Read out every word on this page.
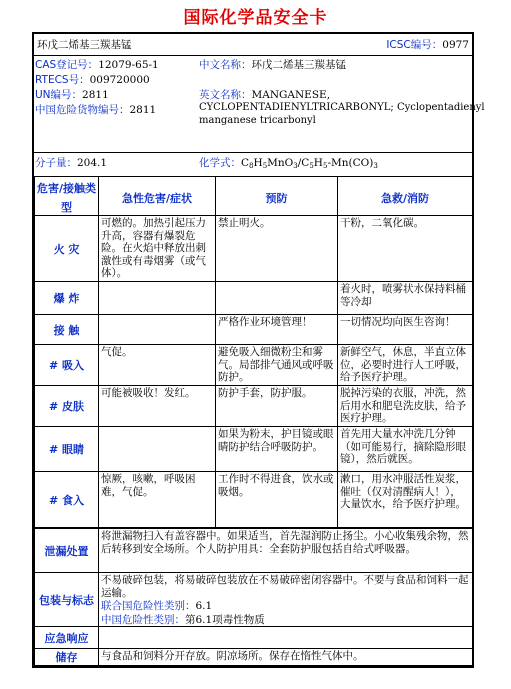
国际化学品安全卡
环戊二烯基三羰基锰	ICSC编号：0977
CAS登记号：12079-65-1
RTECS号：009720000
UN编号：2811
中国危险货物编号：2811
中文名称：环戊二烯基三羰基锰
英文名称：MANGANESE,
CYCLOPENTADIENYLTRICARBONYL; Cyclopentadienyl
manganese tricarbonyl
分子量：204.1	化学式：$C_8H_5MnO_3/C_5H_5-Mn(CO)_3$
危害/接触类型	急性危害/症状	预防	急救/消防
火 灾	可燃的。加热引起压力升高，容器有爆裂危险。在火焰中释放出刺激性或有毒烟雾（或气体）。	禁止明火。	干粉，二氧化碳。

爆 炸			着火时，喷雾状水保持料桶等冷却

接 触		严格作业环境管理！	一切情况均向医生咨询！

# 吸入	气促。	避免吸入细微粉尘和雾气。局部排气通风或呼吸防护。	新鲜空气，休息，半直立体位，必要时进行人工呼吸，给予医疗护理。

# 皮肤	可能被吸收！发红。	防护手套，防护服。	脱掉污染的衣服，冲洗，然后用水和肥皂洗皮肤，给予医疗护理。

# 眼睛		如果为粉末，护目镜或眼睛防护结合呼吸防护。	首先用大量水冲洗几分钟（如可能易行，摘除隐形眼镜），然后就医。

# 食入	惊厥，咳嗽，呼吸困难，气促。	工作时不得进食，饮水或吸烟。	漱口，用水冲服活性炭浆，催吐（仅对清醒病人！），大量饮水，给予医疗护理。
泄漏处置	将泄漏物扫入有盖容器中。如果适当，首先湿润防止扬尘。小心收集残余物，然后转移到安全场所。个人防护用具：全套防护服包括自给式呼吸器。

包装与标志	不易破碎包装，将易破碎包装放在不易破碎密闭容器中。不要与食品和饲料一起运输。
联合国危险性类别：6.1
中国危险性类别：第6.1项毒性物质

应急响应	

储存	与食品和饲料分开存放。阴凉场所。保存在惰性气体中。
